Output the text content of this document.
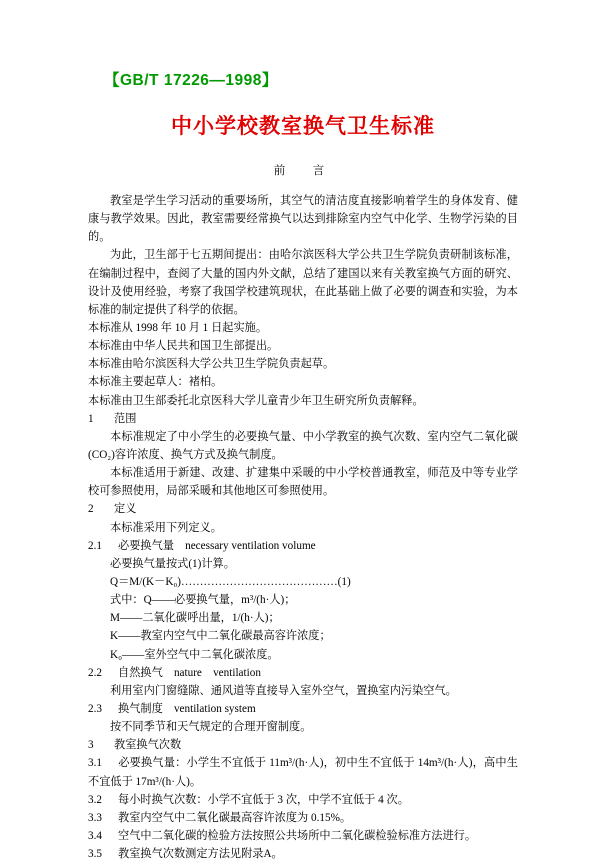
【GB/T 17226—1998】
中小学校教室换气卫生标准
前　言

教室是学生学习活动的重要场所，其空气的清洁度直接影响着学生的身体发育、健康与教学效果。因此，教室需要经常换气以达到排除室内空气中化学、生物学污染的目的。

为此，卫生部于七五期间提出：由哈尔滨医科大学公共卫生学院负责研制该标准，在编制过程中，查阅了大量的国内外文献，总结了建国以来有关教室换气方面的研究、设计及使用经验，考察了我国学校建筑现状，在此基础上做了必要的调查和实验，为本标准的制定提供了科学的依据。

本标准从 1998 年 10 月 1 日起实施。

本标准由中华人民共和国卫生部提出。

本标准由哈尔滨医科大学公共卫生学院负责起草。

本标准主要起草人：褚柏。

本标准由卫生部委托北京医科大学儿童青少年卫生研究所负责解释。

1 范围

本标准规定了中小学生的必要换气量、中小学教室的换气次数、室内空气二氧化碳(CO₂)容许浓度、换气方式及换气制度。

本标准适用于新建、改建、扩建集中采暖的中小学校普通教室，师范及中等专业学校可参照使用，局部采暖和其他地区可参照使用。

2 定义

本标准采用下列定义。

2.1 必要换气量　necessary ventilation volume

必要换气量按式(1)计算。

Q＝M/(K－K₀)……………………………………(1)

式中：Q——必要换气量，m³/(h·人)；

M——二氧化碳呼出量，1/(h·人)；

K——教室内空气中二氧化碳最高容许浓度；

K₀——室外空气中二氧化碳浓度。

2.2 自然换气　nature　ventilation

利用室内门窗缝隙、通风道等直接导入室外空气，置换室内污染空气。

2.3 换气制度　ventilation system

按不同季节和天气规定的合理开窗制度。

3 教室换气次数

3.1 必要换气量：小学生不宜低于 11m³/(h·人)，初中生不宜低于 14m³/(h·人)，高中生不宜低于 17m³/(h·人)。

3.2 每小时换气次数：小学不宜低于 3 次，中学不宜低于 4 次。

3.3 教室内空气中二氧化碳最高容许浓度为 0.15%。

3.4 空气中二氧化碳的检验方法按照公共场所中二氧化碳检验标准方法进行。

3.5 教室换气次数测定方法见附录A。
